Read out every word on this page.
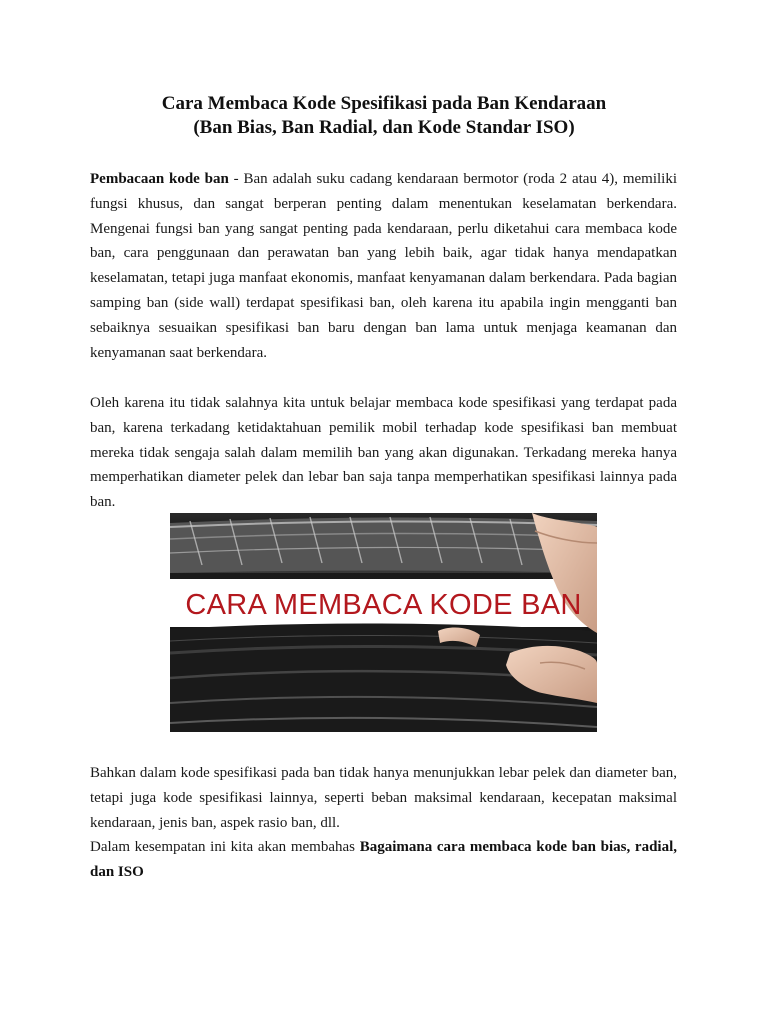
Cara Membaca Kode Spesifikasi pada Ban Kendaraan
(Ban Bias, Ban Radial, dan Kode Standar ISO)

Pembacaan kode ban - Ban adalah suku cadang kendaraan bermotor (roda 2 atau 4), memiliki fungsi khusus, dan sangat berperan penting dalam menentukan keselamatan berkendara. Mengenai fungsi ban yang sangat penting pada kendaraan, perlu diketahui cara membaca kode ban, cara penggunaan dan perawatan ban yang lebih baik, agar tidak hanya mendapatkan keselamatan, tetapi juga manfaat ekonomis, manfaat kenyamanan dalam berkendara. Pada bagian samping ban (side wall) terdapat spesifikasi ban, oleh karena itu apabila ingin mengganti ban sebaiknya sesuaikan spesifikasi ban baru dengan ban lama untuk menjaga keamanan dan kenyamanan saat berkendara.

Oleh karena itu tidak salahnya kita untuk belajar membaca kode spesifikasi yang terdapat pada ban, karena terkadang ketidaktahuan pemilik mobil terhadap kode spesifikasi ban membuat mereka tidak sengaja salah dalam memilih ban yang akan digunakan. Terkadang mereka hanya memperhatikan diameter pelek dan lebar ban saja tanpa memperhatikan spesifikasi lainnya pada ban.

CARA MEMBACA KODE BAN

Bahkan dalam kode spesifikasi pada ban tidak hanya menunjukkan lebar pelek dan diameter ban, tetapi juga kode spesifikasi lainnya, seperti beban maksimal kendaraan, kecepatan maksimal kendaraan, jenis ban, aspek rasio ban, dll.

Dalam kesempatan ini kita akan membahas Bagaimana cara membaca kode ban bias, radial, dan ISO
